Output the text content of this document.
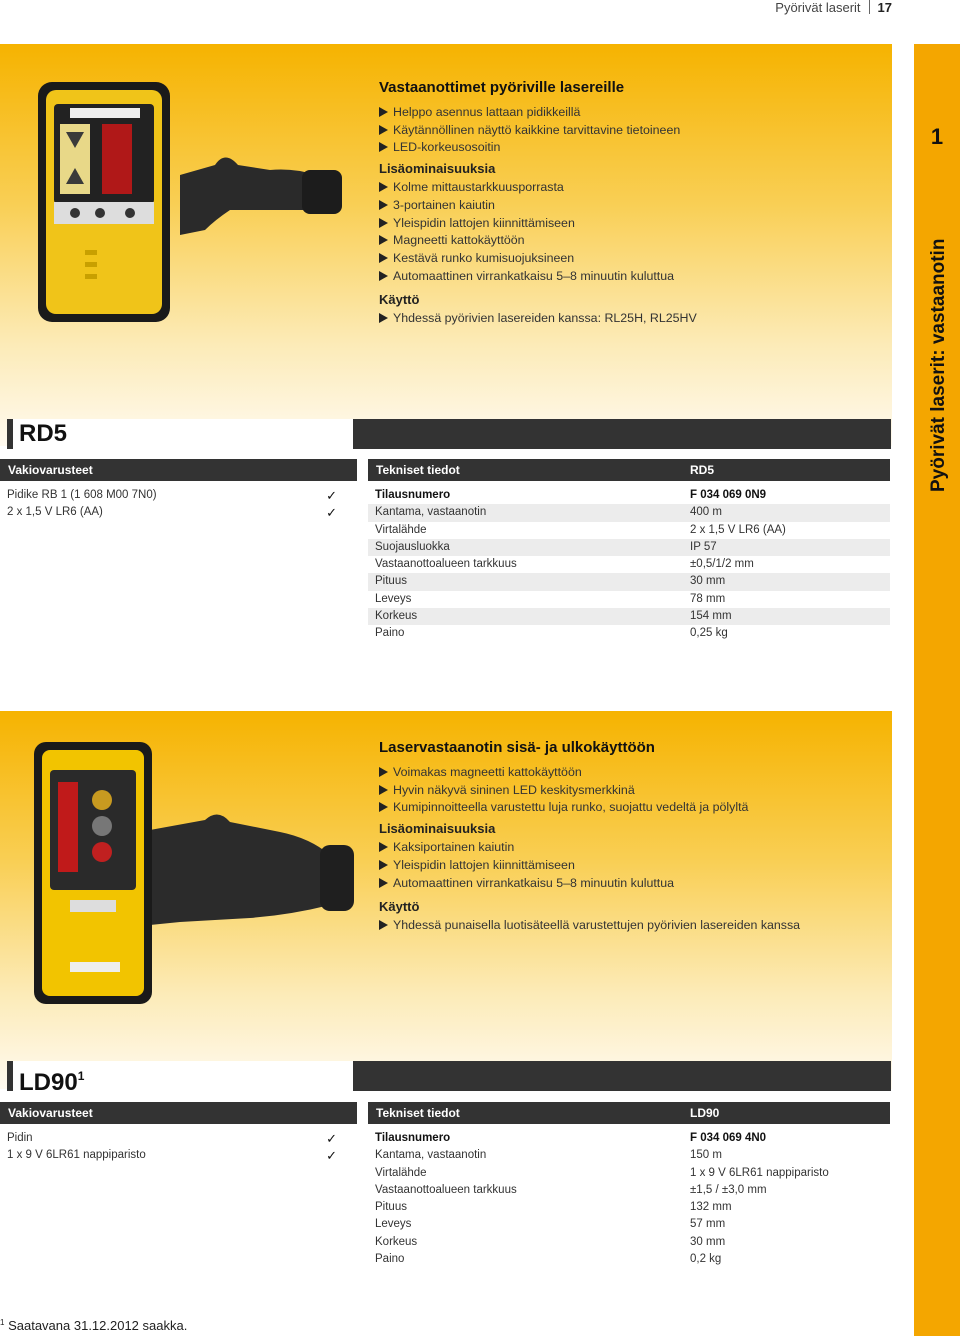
Pyörivät laserit 17
1
Pyörivät laserit: vastaanotin
RD5
Vastaanottimet pyöriville lasereille
Helppo asennus lattaan pidikkeillä
Käytännöllinen näyttö kaikkine tarvittavine tietoineen
LED-korkeusosoitin
Lisäominaisuuksia
Kolme mittaustarkkuusporrasta
3-portainen kaiutin
Yleispidin lattojen kiinnittämiseen
Magneetti kattokäyttöön
Kestävä runko kumisuojuksineen
Automaattinen virrankatkaisu 5–8 minuutin kuluttua
Käyttö
Yhdessä pyörivien lasereiden kanssa: RL25H, RL25HV
Vakiovarusteet	Tekniset tiedot	RD5
Pidike RB 1 (1 608 M00 7N0)	✓
2 x 1,5 V LR6 (AA)	✓
Tilausnumero	F 034 069 0N9
Kantama, vastaanotin	400 m
Virtalähde	2 x 1,5 V LR6 (AA)
Suojausluokka	IP 57
Vastaanottoalueen tarkkuus	±0,5/1/2 mm
Pituus	30 mm
Leveys	78 mm
Korkeus	154 mm
Paino	0,25 kg
$LD90^1$
Laservastaanotin sisä- ja ulkokäyttöön
Voimakas magneetti kattokäyttöön
Hyvin näkyvä sininen LED keskitysmerkkinä
Kumipinnoitteella varustettu luja runko, suojattu vedeltä ja pölyltä
Lisäominaisuuksia
Kaksiportainen kaiutin
Yleispidin lattojen kiinnittämiseen
Automaattinen virrankatkaisu 5–8 minuutin kuluttua
Käyttö
Yhdessä punaisella luotisäteellä varustettujen pyörivien lasereiden kanssa
Vakiovarusteet	Tekniset tiedot	LD90
Pidin	✓
1 x 9 V 6LR61 nappiparisto	✓
Tilausnumero	F 034 069 4N0
Kantama, vastaanotin	150 m
Virtalähde	1 x 9 V 6LR61 nappiparisto
Vastaanottoalueen tarkkuus	±1,5 / ±3,0 mm
Pituus	132 mm
Leveys	57 mm
Korkeus	30 mm
Paino	0,2 kg
$^1$ Saatavana 31.12.2012 saakka.
